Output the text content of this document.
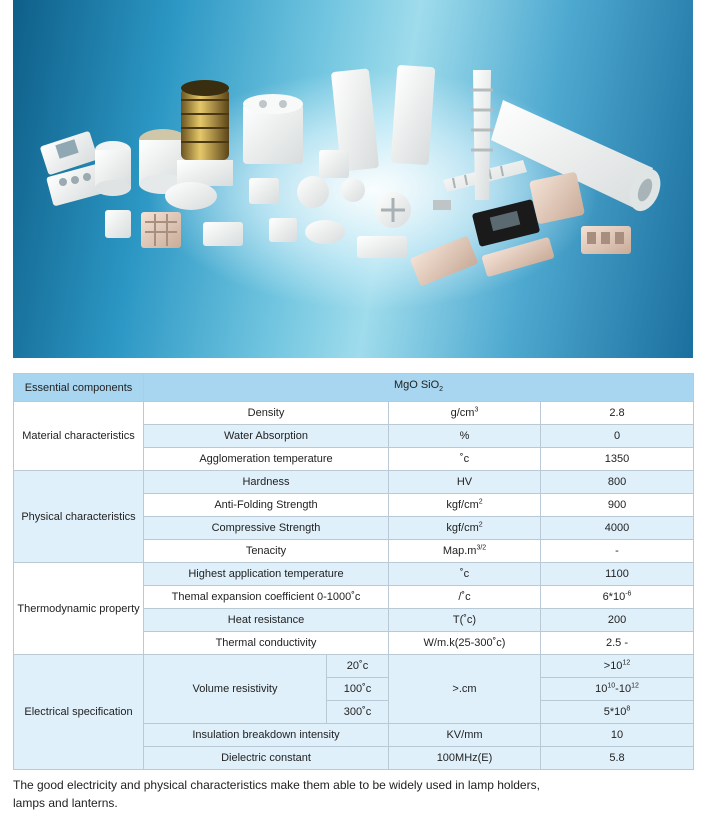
Essential components	MgO SiO$_2$
Material characteristics	Density		$g/cm^3$	2.8
	Water Absorption		%	0
	Agglomeration temperature		˚c	1350
Physical characteristics	Hardness		HV	800
	Anti-Folding Strength		kgf/$cm^2$	900
	Compressive Strength		kgf/$cm^2$	4000
	Tenacity		$Map.m^{3/2}$	-
Thermodynamic property	Highest application temperature		˚c	1100
	Themal expansion coefficient 0-1000˚c		/˚c	$6*10^{-6}$
	Heat resistance		T(˚c)	200
	Thermal conductivity		W/m.k(25-300˚c)	2.5 -
Electrical specification	Volume resistivity	20˚c	>.cm	$>10^{12}$
		100˚c		$10^{10}-10^{12}$
		300˚c		$5*10^8$
	Insulation breakdown intensity		KV/mm	10
	Dielectric constant		100MHz(E)	5.8
The good electricity and physical characteristics make them able to be widely used in lamp holders,
lamps and lanterns.
